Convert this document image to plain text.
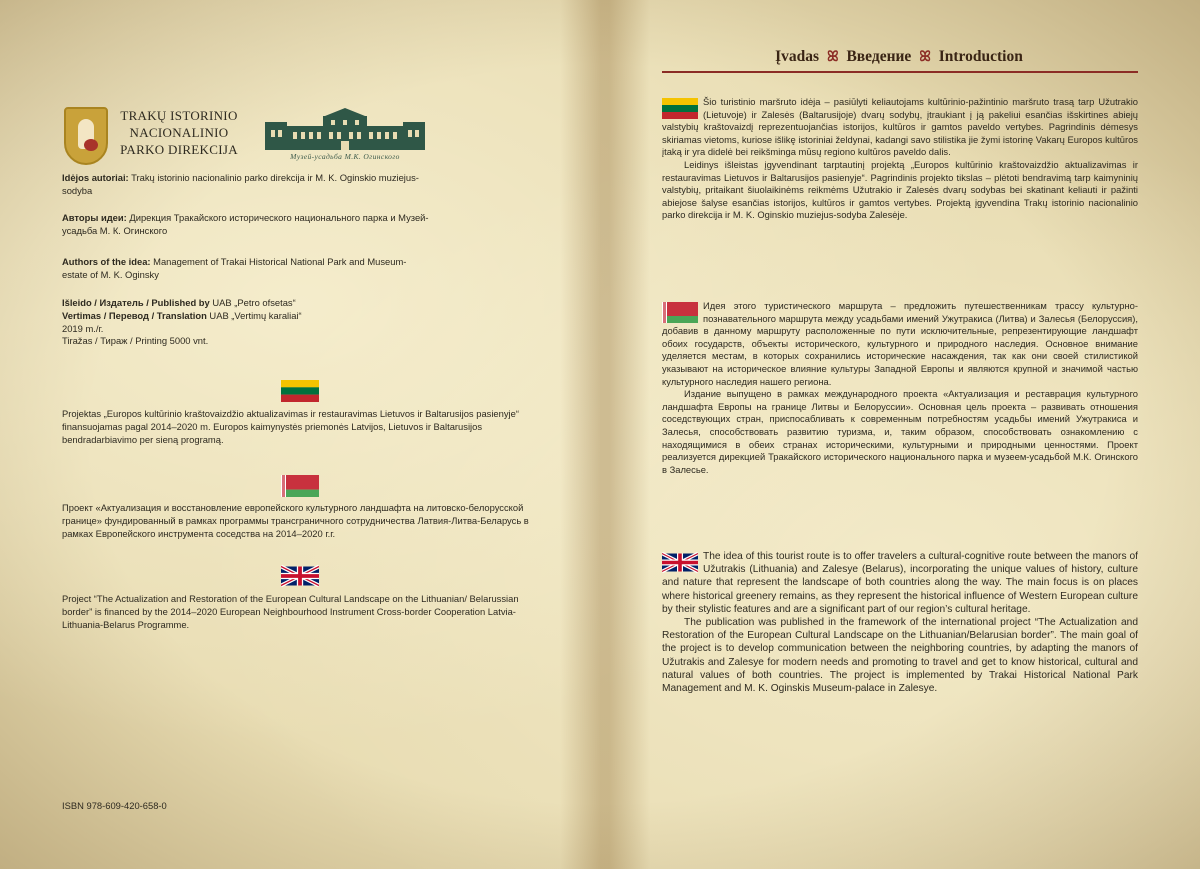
TRAKŲ ISTORINIO NACIONALINIO PARKO DIREKCIJA	Музей-усадьба М.К. Огинского

Idėjos autoriai: Trakų istorinio nacionalinio parko direkcija ir M. K. Oginskio muziejus-sodyba

Авторы идеи: Дирекция Тракайского исторического национального парка и Музей-усадьба М. К. Огинского

Authors of the idea: Management of Trakai Historical National Park and Museum-estate of M. K. Oginsky

Išleido / Издатель / Published by UAB „Petro ofsetas“

Vertimas / Перевод / Translation UAB „Vertimų karaliai“

2019 m./г.

Tiražas / Тираж / Printing 5000 vnt.

Projektas „Europos kultūrinio kraštovaizdžio aktualizavimas ir restauravimas Lietuvos ir Baltarusijos pasienyje“ finansuojamas pagal 2014–2020 m. Europos kaimynystės priemonės Latvijos, Lietuvos ir Baltarusijos bendradarbiavimo per sieną programą.

Проект «Актуализация и восстановление европейского культурного ландшафта на литовско-белорусской границе» фундированный в рамках программы трансграничного сотрудничества Латвия-Литва-Беларусь в рамках Европейского инструмента соседства на 2014–2020 г.г.

Project “The Actualization and Restoration of the European Cultural Landscape on the Lithuanian/ Belarussian border” is financed by the 2014–2020 European Neighbourhood Instrument Cross-border Cooperation Latvia-Lithuania-Belarus Programme.

ISBN 978-609-420-658-0

Įvadas ꕤ Введение ꕤ Introduction

Šio turistinio maršruto idėja – pasiūlyti keliautojams kultūrinio-pažintinio maršruto trasą tarp Užutrakio (Lietuvoje) ir Zalesės (Baltarusijoje) dvarų sodybų, įtraukiant į ją pakeliui esančias išskirtines abiejų valstybių kraštovaizdį reprezentuojančias istorijos, kultūros ir gamtos paveldo vertybes. Pagrindinis dėmesys skiriamas vietoms, kuriose išlikę istoriniai želdynai, kadangi savo stilistika jie žymi istorinę Vakarų Europos kultūros įtaką ir yra didelė bei reikšminga mūsų regiono kultūros paveldo dalis.

Leidinys išleistas įgyvendinant tarptautinį projektą „Europos kultūrinio kraštovaizdžio aktualizavimas ir restauravimas Lietuvos ir Baltarusijos pasienyje“. Pagrindinis projekto tikslas – plėtoti bendravimą tarp kaimyninių valstybių, pritaikant šiuolaikinėms reikmėms Užutrakio ir Zalesės dvarų sodybas bei skatinant keliauti ir pažinti abiejose šalyse esančias istorijos, kultūros ir gamtos vertybes. Projektą įgyvendina Trakų istorinio nacionalinio parko direkcija ir M. K. Oginskio muziejus-sodyba Zalesėje.

Идея этого туристического маршрута – предложить путешественникам трассу культурно-познавательного маршрута между усадьбами имений Ужутракиса (Литва) и Залесья (Белоруссия), добавив в данному маршруту расположенные по пути исключительные, репрезентирующие ландшафт обоих государств, объекты исторического, культурного и природного наследия. Основное внимание уделяется местам, в которых сохранились исторические насаждения, так как они своей стилистикой указывают на историческое влияние культуры Западной Европы и являются крупной и значимой частью культурного наследия нашего региона.

Издание выпущено в рамках международного проекта «Актуализация и реставрация культурного ландшафта Европы на границе Литвы и Белоруссии». Основная цель проекта – развивать отношения соседствующих стран, приспосабливать к современным потребностям усадьбы имений Ужутракиса и Залесья, способствовать развитию туризма, и, таким образом, способствовать ознакомлению с находящимися в обеих странах историческими, культурными и природными ценностями. Проект реализуется дирекцией Тракайского исторического национального парка и музеем-усадьбой М.К. Огинского в Залесье.

The idea of this tourist route is to offer travelers a cultural-cognitive route between the manors of Užutrakis (Lithuania) and Zalesye (Belarus), incorporating the unique values of history, culture and nature that represent the landscape of both countries along the way. The main focus is on places where historical greenery remains, as they represent the historical influence of Western European culture by their stylistic features and are a significant part of our region’s cultural heritage.

The publication was published in the framework of the international project “The Actualization and Restoration of the European Cultural Landscape on the Lithuanian/Belarusian border”. The main goal of the project is to develop communication between the neighboring countries, by adapting the manors of Užutrakis and Zalesye for modern needs and promoting to travel and get to know historical, cultural and natural values of both countries. The project is implemented by Trakai Historical National Park Management and M. K. Oginskis Museum-palace in Zalesye.
